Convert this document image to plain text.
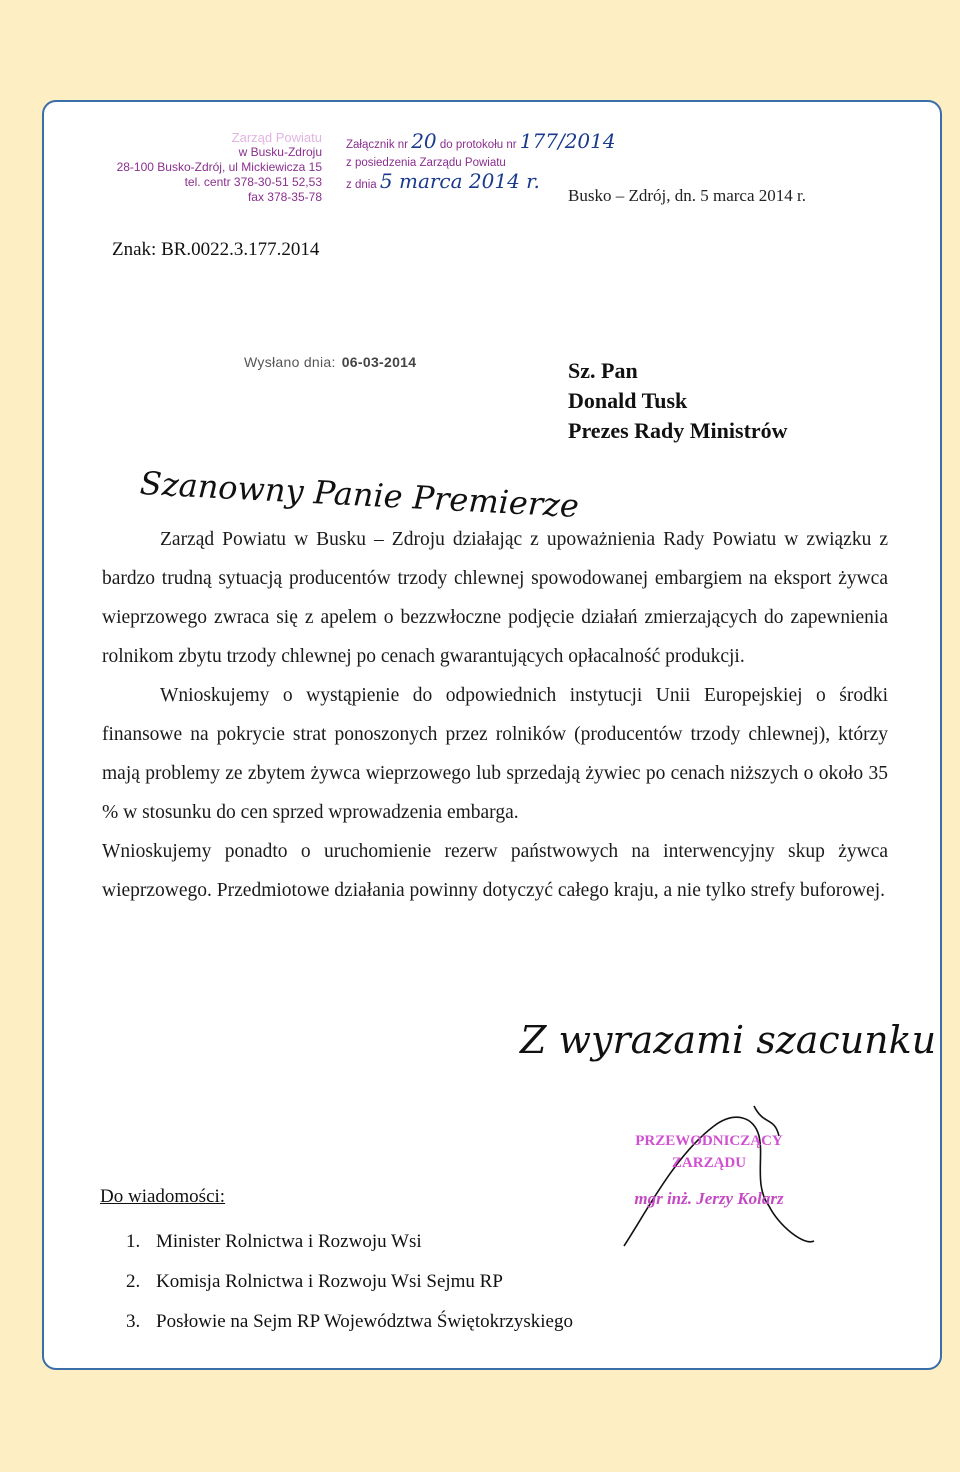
Zarząd Powiatu
w Busku-Zdroju
28-100 Busko-Zdrój, ul Mickiewicza 15
tel. centr 378-30-51 52,53
fax 378-35-78
Załącznik nr 20 do protokołu nr 177/2014
z posiedzenia Zarządu Powiatu
z dnia 5 marca 2014 r.
Busko – Zdrój, dn. 5 marca 2014 r.
Znak: BR.0022.3.177.2014
Wysłano dnia: 06-03-2014	Sz. Pan
Donald Tusk
Prezes Rady Ministrów
Szanowny Panie Premierze

Zarząd Powiatu w Busku – Zdroju działając z upoważnienia Rady Powiatu w związku z bardzo trudną sytuacją producentów trzody chlewnej spowodowanej embargiem na eksport żywca wieprzowego zwraca się z apelem o bezzwłoczne podjęcie działań zmierzających do zapewnienia rolnikom zbytu trzody chlewnej po cenach gwarantujących opłacalność produkcji.

Wnioskujemy o wystąpienie do odpowiednich instytucji Unii Europejskiej o środki finansowe na pokrycie strat ponoszonych przez rolników (producentów trzody chlewnej), którzy mają problemy ze zbytem żywca wieprzowego lub sprzedają żywiec po cenach niższych o około 35 % w stosunku do cen sprzed wprowadzenia embarga.

Wnioskujemy ponadto o uruchomienie rezerw państwowych na interwencyjny skup żywca wieprzowego. Przedmiotowe działania powinny dotyczyć całego kraju, a nie tylko strefy buforowej.

Z wyrazami szacunku
PRZEWODNICZĄCY
ZARZĄDU
mgr inż. Jerzy Kolarz
Do wiadomości:
1. Minister Rolnictwa i Rozwoju Wsi
2. Komisja Rolnictwa i Rozwoju Wsi Sejmu RP
3. Posłowie na Sejm RP Województwa Świętokrzyskiego
